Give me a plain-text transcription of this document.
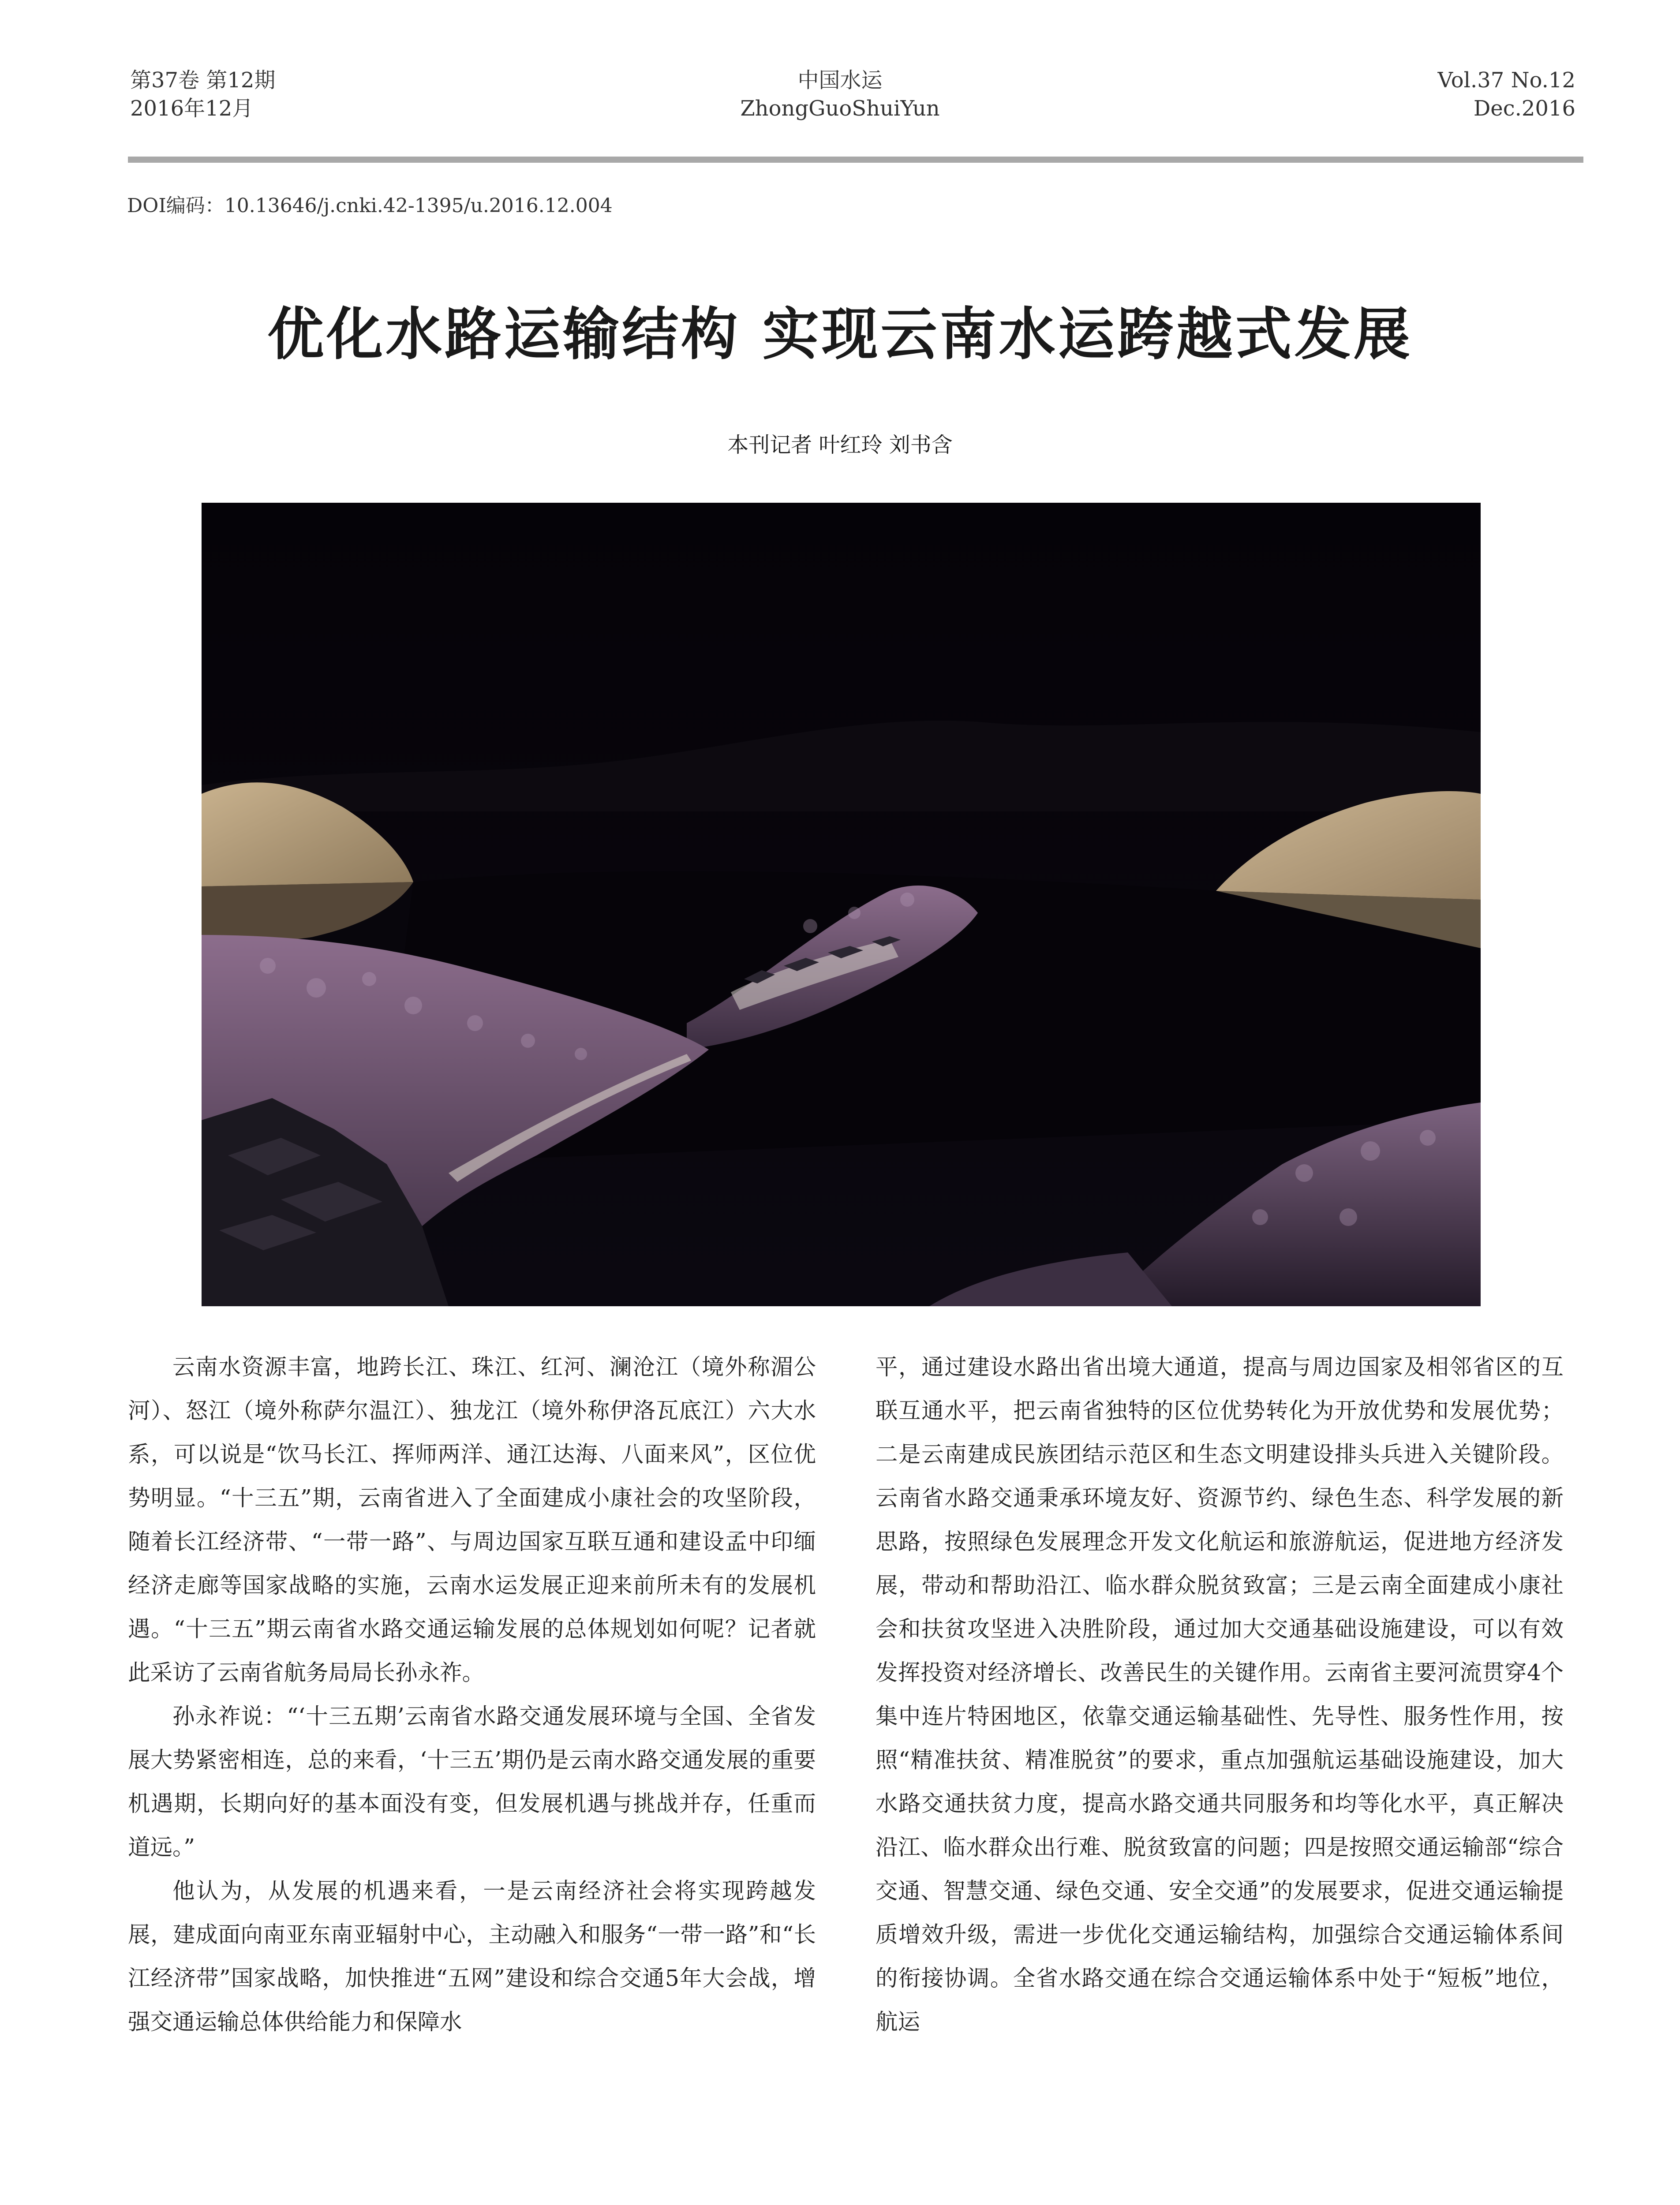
第37卷 第12期
2016年12月
中国水运
ZhongGuoShuiYun
Vol.37 No.12
Dec.2016
DOI编码：10.13646/j.cnki.42-1395/u.2016.12.004
优化水路运输结构 实现云南水运跨越式发展
本刊记者 叶红玲 刘书含

云南水资源丰富，地跨长江、珠江、红河、澜沧江（境外称湄公河）、怒江（境外称萨尔温江）、独龙江（境外称伊洛瓦底江）六大水系，可以说是“饮马长江、挥师两洋、通江达海、八面来风”，区位优势明显。“十三五”期，云南省进入了全面建成小康社会的攻坚阶段，随着长江经济带、“一带一路”、与周边国家互联互通和建设孟中印缅经济走廊等国家战略的实施，云南水运发展正迎来前所未有的发展机遇。“十三五”期云南省水路交通运输发展的总体规划如何呢？记者就此采访了云南省航务局局长孙永祚。

孙永祚说：“‘十三五期’云南省水路交通发展环境与全国、全省发展大势紧密相连，总的来看，‘十三五’期仍是云南水路交通发展的重要机遇期，长期向好的基本面没有变，但发展机遇与挑战并存，任重而道远。”

他认为，从发展的机遇来看，一是云南经济社会将实现跨越发展，建成面向南亚东南亚辐射中心，主动融入和服务“一带一路”和“长江经济带”国家战略，加快推进“五网”建设和综合交通5年大会战，增强交通运输总体供给能力和保障水

平，通过建设水路出省出境大通道，提高与周边国家及相邻省区的互联互通水平，把云南省独特的区位优势转化为开放优势和发展优势；二是云南建成民族团结示范区和生态文明建设排头兵进入关键阶段。云南省水路交通秉承环境友好、资源节约、绿色生态、科学发展的新思路，按照绿色发展理念开发文化航运和旅游航运，促进地方经济发展，带动和帮助沿江、临水群众脱贫致富；三是云南全面建成小康社会和扶贫攻坚进入决胜阶段，通过加大交通基础设施建设，可以有效发挥投资对经济增长、改善民生的关键作用。云南省主要河流贯穿4个集中连片特困地区，依靠交通运输基础性、先导性、服务性作用，按照“精准扶贫、精准脱贫”的要求，重点加强航运基础设施建设，加大水路交通扶贫力度，提高水路交通共同服务和均等化水平，真正解决沿江、临水群众出行难、脱贫致富的问题；四是按照交通运输部“综合交通、智慧交通、绿色交通、安全交通”的发展要求，促进交通运输提质增效升级，需进一步优化交通运输结构，加强综合交通运输体系间的衔接协调。全省水路交通在综合交通运输体系中处于“短板”地位，航运
